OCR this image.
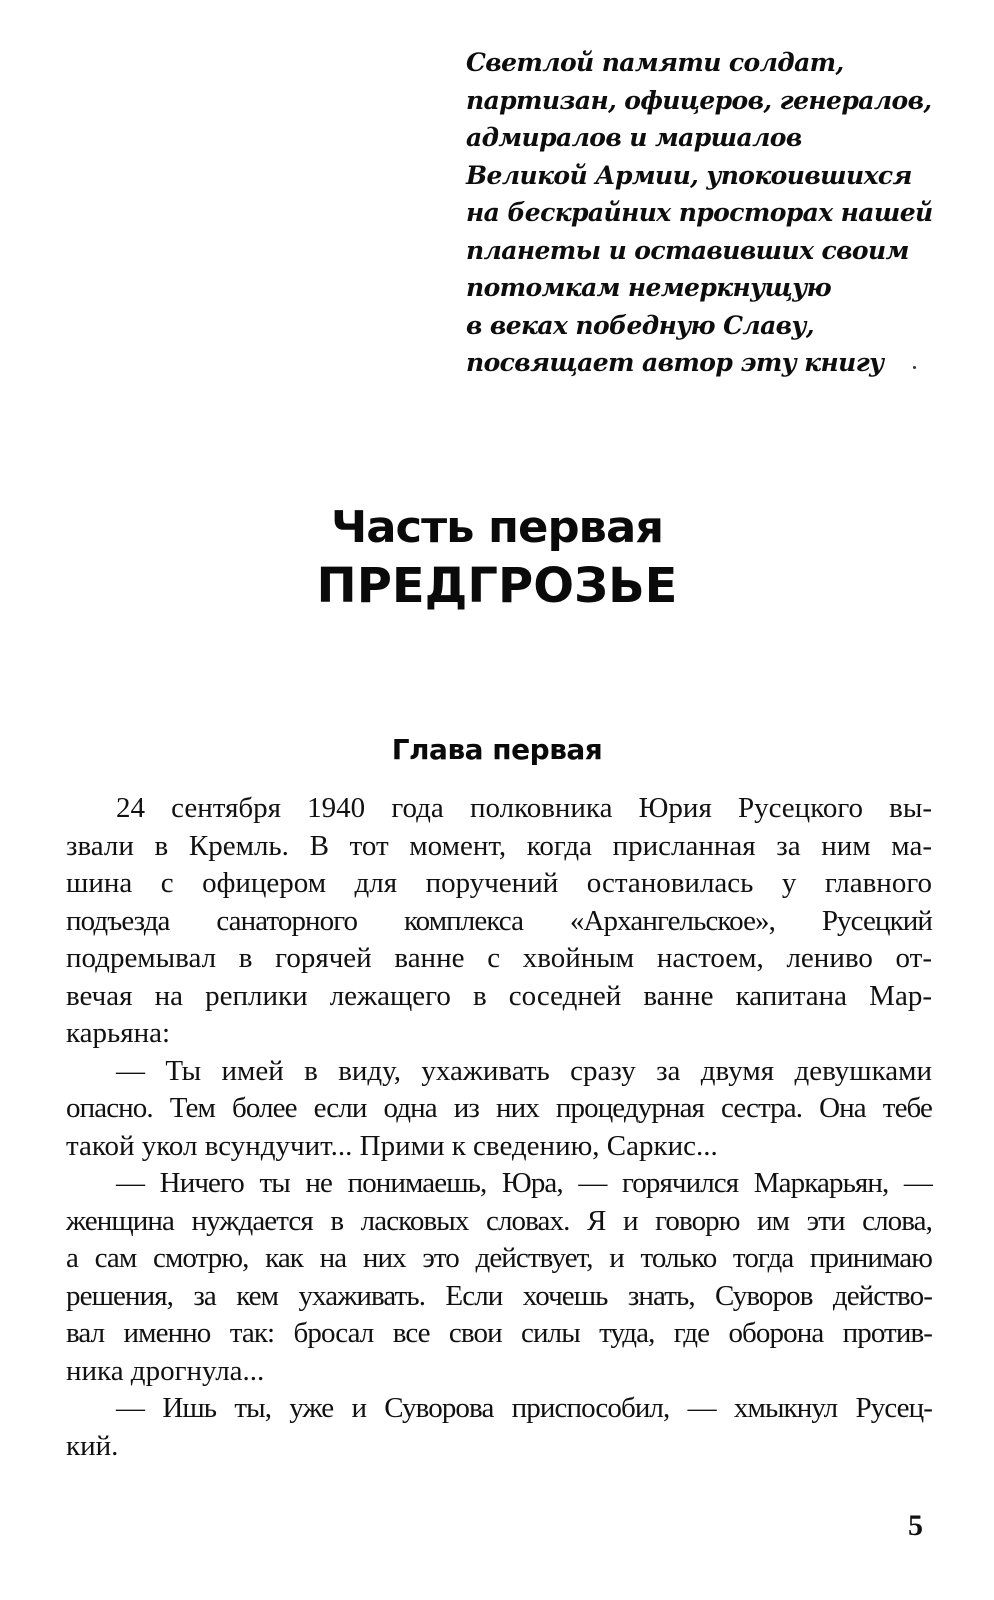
Светлой памяти солдат,
партизан, офицеров, генералов,
адмиралов и маршалов
Великой Армии, упокоившихся
на бескрайних просторах нашей
планеты и оставивших своим
потомкам немеркнущую
в веках победную Славу,
посвящает автор эту книгу
Часть первая
ПРЕДГРОЗЬЕ
Глава первая
24 сентября 1940 года полковника Юрия Русецкого вы-
звали в Кремль. В тот момент, когда присланная за ним ма-
шина с офицером для поручений остановилась у главного
подъезда санаторного комплекса «Архангельское», Русецкий
подремывал в горячей ванне с хвойным настоем, лениво от-
вечая на реплики лежащего в соседней ванне капитана Мар-
карьяна:
— Ты имей в виду, ухаживать сразу за двумя девушками
опасно. Тем более если одна из них процедурная сестра. Она тебе
такой укол всундучит... Прими к сведению, Саркис...
— Ничего ты не понимаешь, Юра, — горячился Маркарьян, —
женщина нуждается в ласковых словах. Я и говорю им эти слова,
а сам смотрю, как на них это действует, и только тогда принимаю
решения, за кем ухаживать. Если хочешь знать, Суворов действо-
вал именно так: бросал все свои силы туда, где оборона против-
ника дрогнула...
— Ишь ты, уже и Суворова приспособил, — хмыкнул Русец-
кий.
5
